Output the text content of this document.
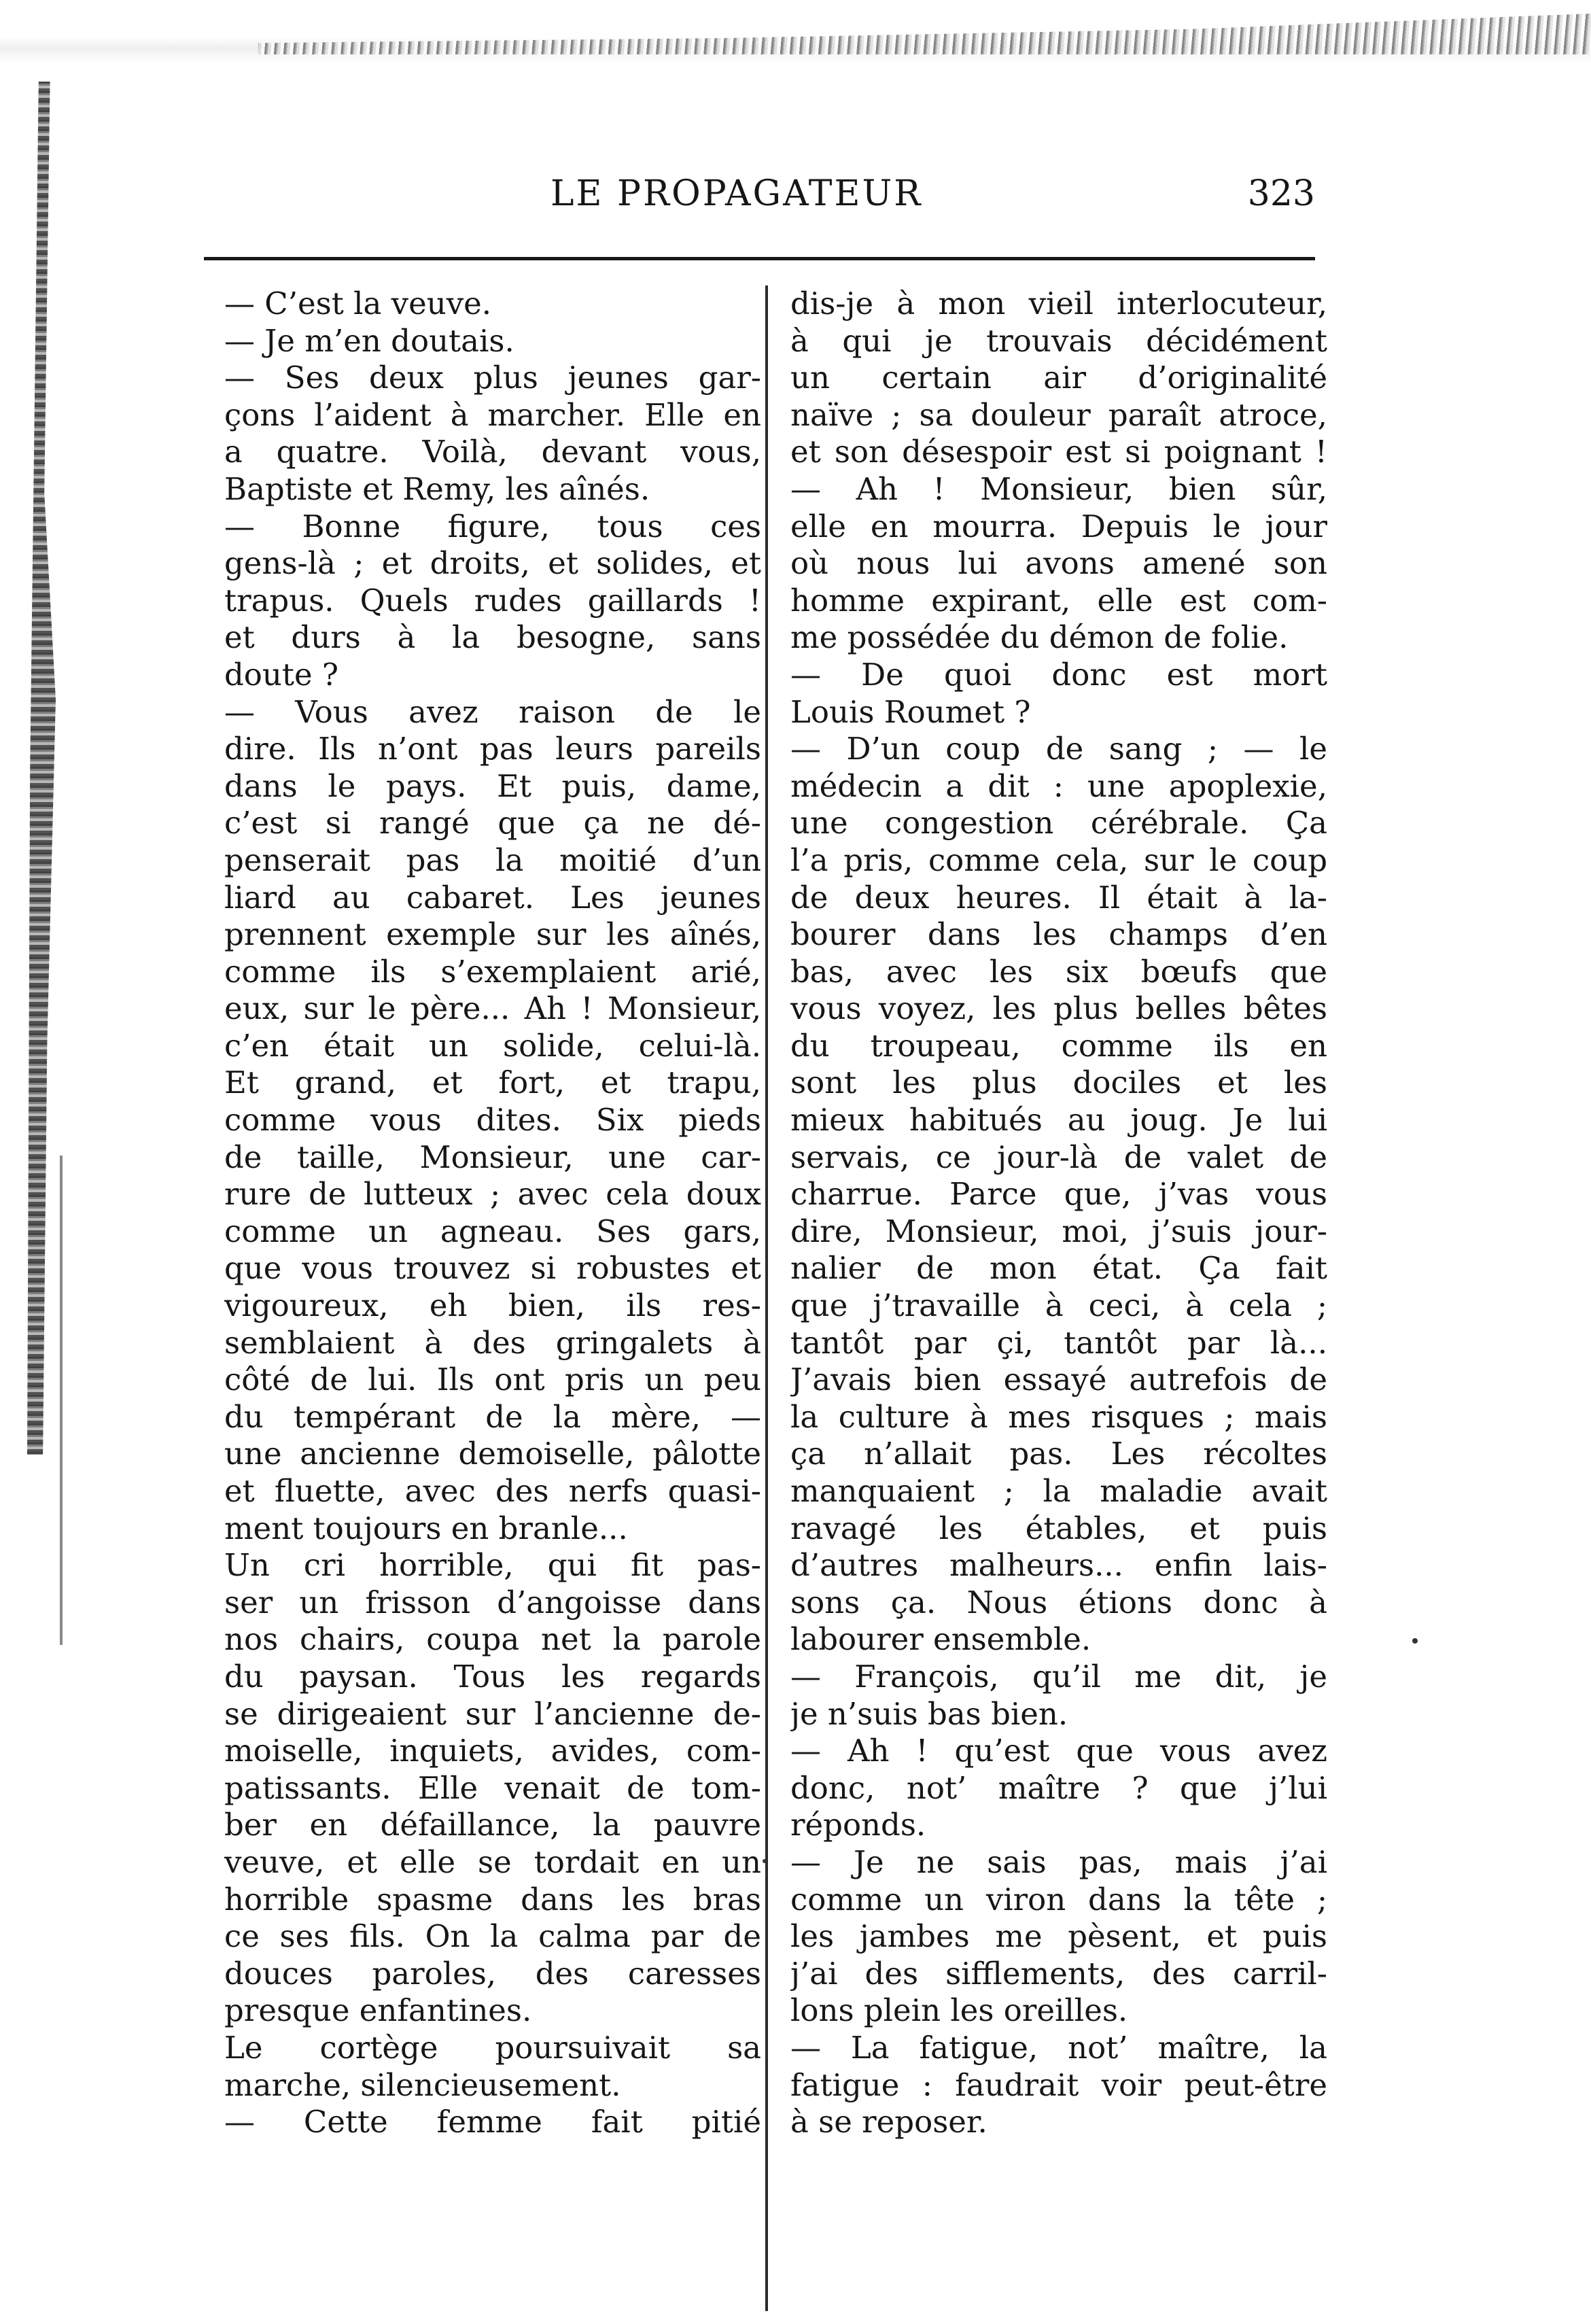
LE PROPAGATEUR	323
— C’est la veuve.
— Je m’en doutais.
— Ses deux plus jeunes gar-
çons l’aident à marcher. Elle en
a quatre. Voilà, devant vous,
Baptiste et Remy, les aînés.
— Bonne figure, tous ces
gens-là ; et droits, et solides, et
trapus. Quels rudes gaillards !
et durs à la besogne, sans
doute ?
— Vous avez raison de le
dire. Ils n’ont pas leurs pareils
dans le pays. Et puis, dame,
c’est si rangé que ça ne dé-
penserait pas la moitié d’un
liard au cabaret. Les jeunes
prennent exemple sur les aînés,
comme ils s’exemplaient arié,
eux, sur le père... Ah ! Monsieur,
c’en était un solide, celui-là.
Et grand, et fort, et trapu,
comme vous dites. Six pieds
de taille, Monsieur, une car-
rure de lutteux ; avec cela doux
comme un agneau. Ses gars,
que vous trouvez si robustes et
vigoureux, eh bien, ils res-
semblaient à des gringalets à
côté de lui. Ils ont pris un peu
du tempérant de la mère, —
une ancienne demoiselle, pâlotte
et fluette, avec des nerfs quasi-
ment toujours en branle...
Un cri horrible, qui fit pas-
ser un frisson d’angoisse dans
nos chairs, coupa net la parole
du paysan. Tous les regards
se dirigeaient sur l’ancienne de-
moiselle, inquiets, avides, com-
patissants. Elle venait de tom-
ber en défaillance, la pauvre
veuve, et elle se tordait en un
horrible spasme dans les bras
ce ses fils. On la calma par de
douces paroles, des caresses
presque enfantines.
Le cortège poursuivait sa
marche, silencieusement.
— Cette femme fait pitié
dis-je à mon vieil interlocuteur,
à qui je trouvais décidément
un certain air d’originalité
naïve ; sa douleur paraît atroce,
et son désespoir est si poignant !
— Ah ! Monsieur, bien sûr,
elle en mourra. Depuis le jour
où nous lui avons amené son
homme expirant, elle est com-
me possédée du démon de folie.
— De quoi donc est mort
Louis Roumet ?
— D’un coup de sang ; — le
médecin a dit : une apoplexie,
une congestion cérébrale. Ça
l’a pris, comme cela, sur le coup
de deux heures. Il était à la-
bourer dans les champs d’en
bas, avec les six bœufs que
vous voyez, les plus belles bêtes
du troupeau, comme ils en
sont les plus dociles et les
mieux habitués au joug. Je lui
servais, ce jour-là de valet de
charrue. Parce que, j’vas vous
dire, Monsieur, moi, j’suis jour-
nalier de mon état. Ça fait
que j’travaille à ceci, à cela ;
tantôt par çi, tantôt par là...
J’avais bien essayé autrefois de
la culture à mes risques ; mais
ça n’allait pas. Les récoltes
manquaient ; la maladie avait
ravagé les étables, et puis
d’autres malheurs... enfin lais-
sons ça. Nous étions donc à
labourer ensemble.
— François, qu’il me dit, je
je n’suis bas bien.
— Ah ! qu’est que vous avez
donc, not’ maître ? que j’lui
réponds.
— Je ne sais pas, mais j’ai
comme un viron dans la tête ;
les jambes me pèsent, et puis
j’ai des sifflements, des carril-
lons plein les oreilles.
— La fatigue, not’ maître, la
fatigue : faudrait voir peut-être
à se reposer.
